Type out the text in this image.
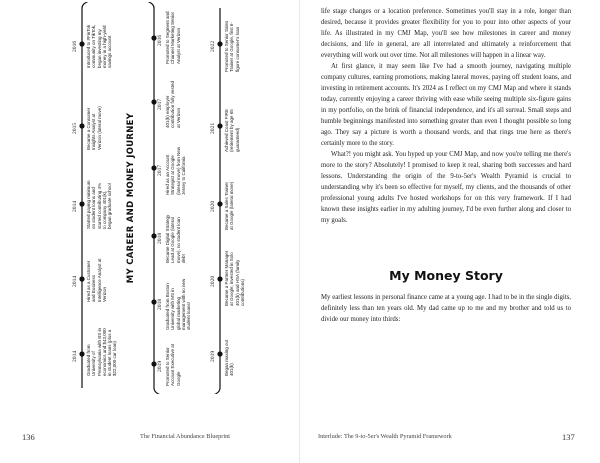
MY CAREER AND MONEY JOURNEY
2014 Graduated from University of Pennsylvania with BS in economics and $43,000 in student loans (plus a $22,000 car loan)
2014 Hired as a Customer and Business Intelligence Analyst at Verizon
2014 Started paying minimum on student loans and started contributing 4% to company 401(k), began graduate school
2015 Became a Consumer Insights Analyst at Verizon (lateral move)
2016 Introduced to #FinTok community on TikTok, began investing my money in a high-yield savings account
2019 Promoted to Senior Account Executive at Google
2018 Graduated from Boston University with MS in global marketing management with no new student loans!
2018 Became Digital Strategy Lead at Google (lateral move), no student loan debt
2017 Hired as an Account Strategist at Google (lateral move) from New Jersey to California
2017 401(k) employer contribution fully vested at Verizon
2016 Promoted to Segment and Channel Marketing Senior Analyst at Verizon
2019 Began maxing out 401(k)
2020 Became a Partner Manager at Google, invested in Solo 401(k) and HSA (family contributions)
2020 Became a Sales Trainer at Google (lateral move)
2021 Achieved Coast FIRE (retirement by age 65 guaranteed)
2022 Promoted to Senior Sales Trainer at Google, first 6-figure consumer's loan
136	The Financial Abundance Blueprint

life stage changes or a location preference. Sometimes you'll stay in a role, longer than desired, because it provides greater flexibility for you to pour into other aspects of your life. As illustrated in my CMJ Map, you'll see how milestones in career and money decisions, and life in general, are all interrelated and ultimately a reinforcement that everything will work out over time. Not all milestones will happen in a linear way.

At first glance, it may seem like I've had a smooth journey, navigating multiple company cultures, earning promotions, making lateral moves, paying off student loans, and investing in retirement accounts. It's 2024 as I reflect on my CMJ Map and where it stands today, currently enjoying a career thriving with ease while seeing multiple six-figure gains in my portfolio, on the brink of financial independence, and it's all surreal. Small steps and humble beginnings manifested into something greater than even I thought possible so long ago. They say a picture is worth a thousand words, and that rings true here as there's certainly more to the story.

What?! you might ask. You hyped up your CMJ Map, and now you're telling me there's more to the story? Absolutely! I promised to keep it real, sharing both successes and hard lessons. Understanding the origin of the 9-to-5er's Wealth Pyramid is crucial to understanding why it's been so effective for myself, my clients, and the thousands of other professional young adults I've hosted workshops for on this very framework. If I had known these insights earlier in my adulting journey, I'd be even further along and closer to my goals.

My Money Story

My earliest lessons in personal finance came at a young age. I had to be in the single digits, definitely less than ten years old. My dad came up to me and my brother and told us to divide our money into thirds:

Interlude: The 9-to-5er's Wealth Pyramid Framework	137
